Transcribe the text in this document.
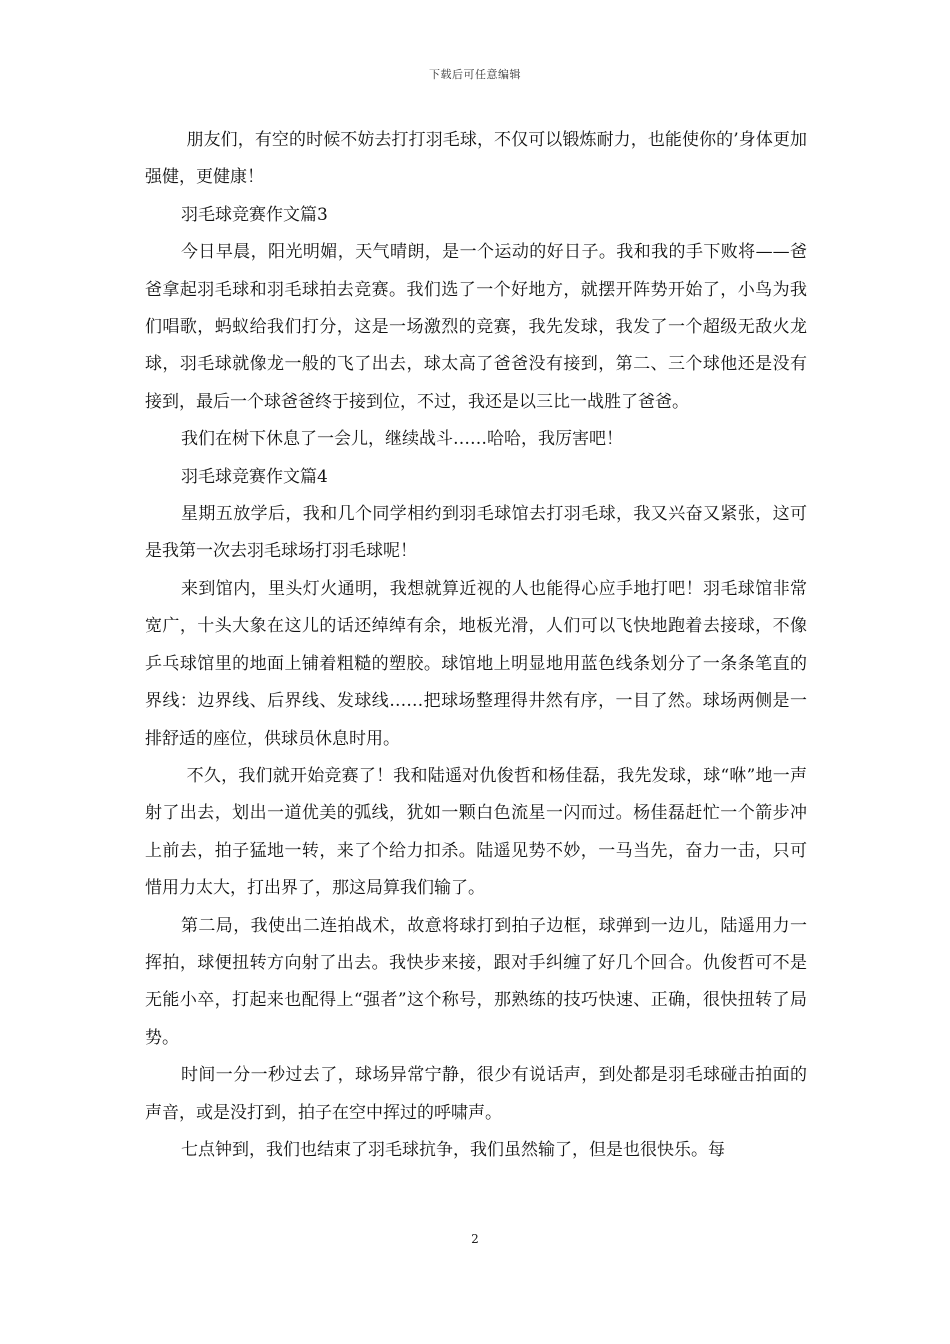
下载后可任意编辑

朋友们，有空的时候不妨去打打羽毛球，不仅可以锻炼耐力，也能使你的’身体更加强健，更健康！

羽毛球竞赛作文篇3

今日早晨，阳光明媚，天气晴朗，是一个运动的好日子。我和我的手下败将——爸爸拿起羽毛球和羽毛球拍去竞赛。我们选了一个好地方，就摆开阵势开始了，小鸟为我们唱歌，蚂蚁给我们打分，这是一场激烈的竞赛，我先发球，我发了一个超级无敌火龙球，羽毛球就像龙一般的飞了出去，球太高了爸爸没有接到，第二、三个球他还是没有接到，最后一个球爸爸终于接到位，不过，我还是以三比一战胜了爸爸。

我们在树下休息了一会儿，继续战斗……哈哈，我厉害吧！

羽毛球竞赛作文篇4

星期五放学后，我和几个同学相约到羽毛球馆去打羽毛球，我又兴奋又紧张，这可是我第一次去羽毛球场打羽毛球呢！

来到馆内，里头灯火通明，我想就算近视的人也能得心应手地打吧！羽毛球馆非常宽广，十头大象在这儿的话还绰绰有余，地板光滑，人们可以飞快地跑着去接球，不像乒乓球馆里的地面上铺着粗糙的塑胶。球馆地上明显地用蓝色线条划分了一条条笔直的界线：边界线、后界线、发球线……把球场整理得井然有序，一目了然。球场两侧是一排舒适的座位，供球员休息时用。

不久，我们就开始竞赛了！我和陆遥对仇俊哲和杨佳磊，我先发球，球“咻”地一声射了出去，划出一道优美的弧线，犹如一颗白色流星一闪而过。杨佳磊赶忙一个箭步冲上前去，拍子猛地一转，来了个给力扣杀。陆遥见势不妙，一马当先，奋力一击，只可惜用力太大，打出界了，那这局算我们输了。

第二局，我使出二连拍战术，故意将球打到拍子边框，球弹到一边儿，陆遥用力一挥拍，球便扭转方向射了出去。我快步来接，跟对手纠缠了好几个回合。仇俊哲可不是无能小卒，打起来也配得上“强者”这个称号，那熟练的技巧快速、正确，很快扭转了局势。

时间一分一秒过去了，球场异常宁静，很少有说话声，到处都是羽毛球碰击拍面的声音，或是没打到，拍子在空中挥过的呼啸声。

七点钟到，我们也结束了羽毛球抗争，我们虽然输了，但是也很快乐。每

2
